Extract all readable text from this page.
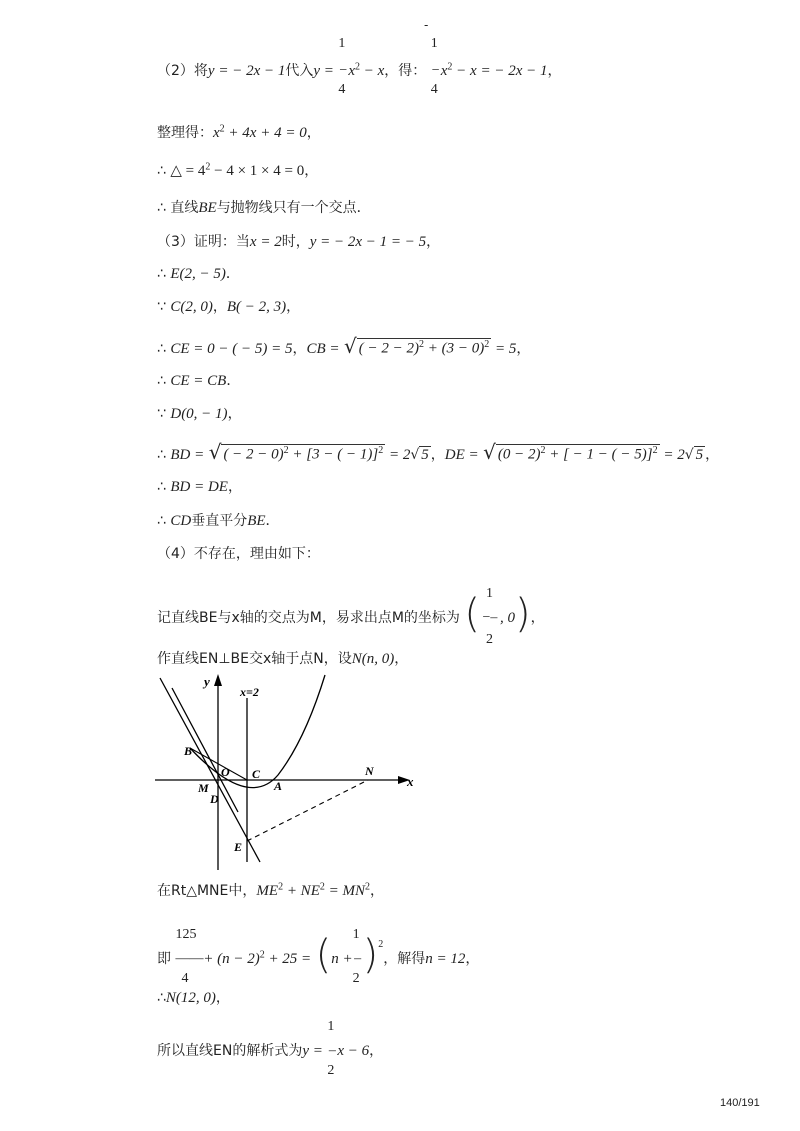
-
（2）将y = − 2x − 1代入y =
1
−
4
$x^2 - x$，得：
1
−
4
$x^2 - x$ = − 2x − 1，
整理得：$x^2 + 4x + 4 = 0$，
∴ △ = $4^2 - 4 \times 1 \times 4 = 0$，
∴ 直线BE与抛物线只有一个交点．
（3）证明：当x = 2时，y = − 2x − 1 = − 5，
∴ E(2, − 5)．
∵ C(2, 0)，B( − 2, 3)，
∴ CE = 0 − ( − 5) = 5，CB = √ ( − $2 - 2)^2 + (3 - 0)^2 = 5$，
∴ CE = CB．
∵ D(0, − 1)，
∴ BD = √ ( − 2 − 0)$^2$ + [3 − ( − 1)]$^2$ = 2√ 5 ，DE = √ $(0 - 2)^2$ + [ − 1 − ( − 5)]$^2$ = 2√ 5 ，
∴ BD = DE，
∴ CD垂直平分BE．
（4）不存在，理由如下：
记直线BE与x轴的交点为M，易求出点M的坐标为 ( 1
−–
2
, 0)，
作直线EN⊥BE交x轴于点N，设N(n, 0)，
y
x
x=2
B
O C
M
D
A
N
E
在Rt△MNE中，$ME^2 + NE^2 = MN^2$，
即
125
——
4
+ $(n - 2)^2 + 25 = (n$ +
1
–
2
)$^2$，解得n = 12，
∴N(12, 0)，
所以直线EN的解析式为y =
1
–
2
x − 6，
140/191
